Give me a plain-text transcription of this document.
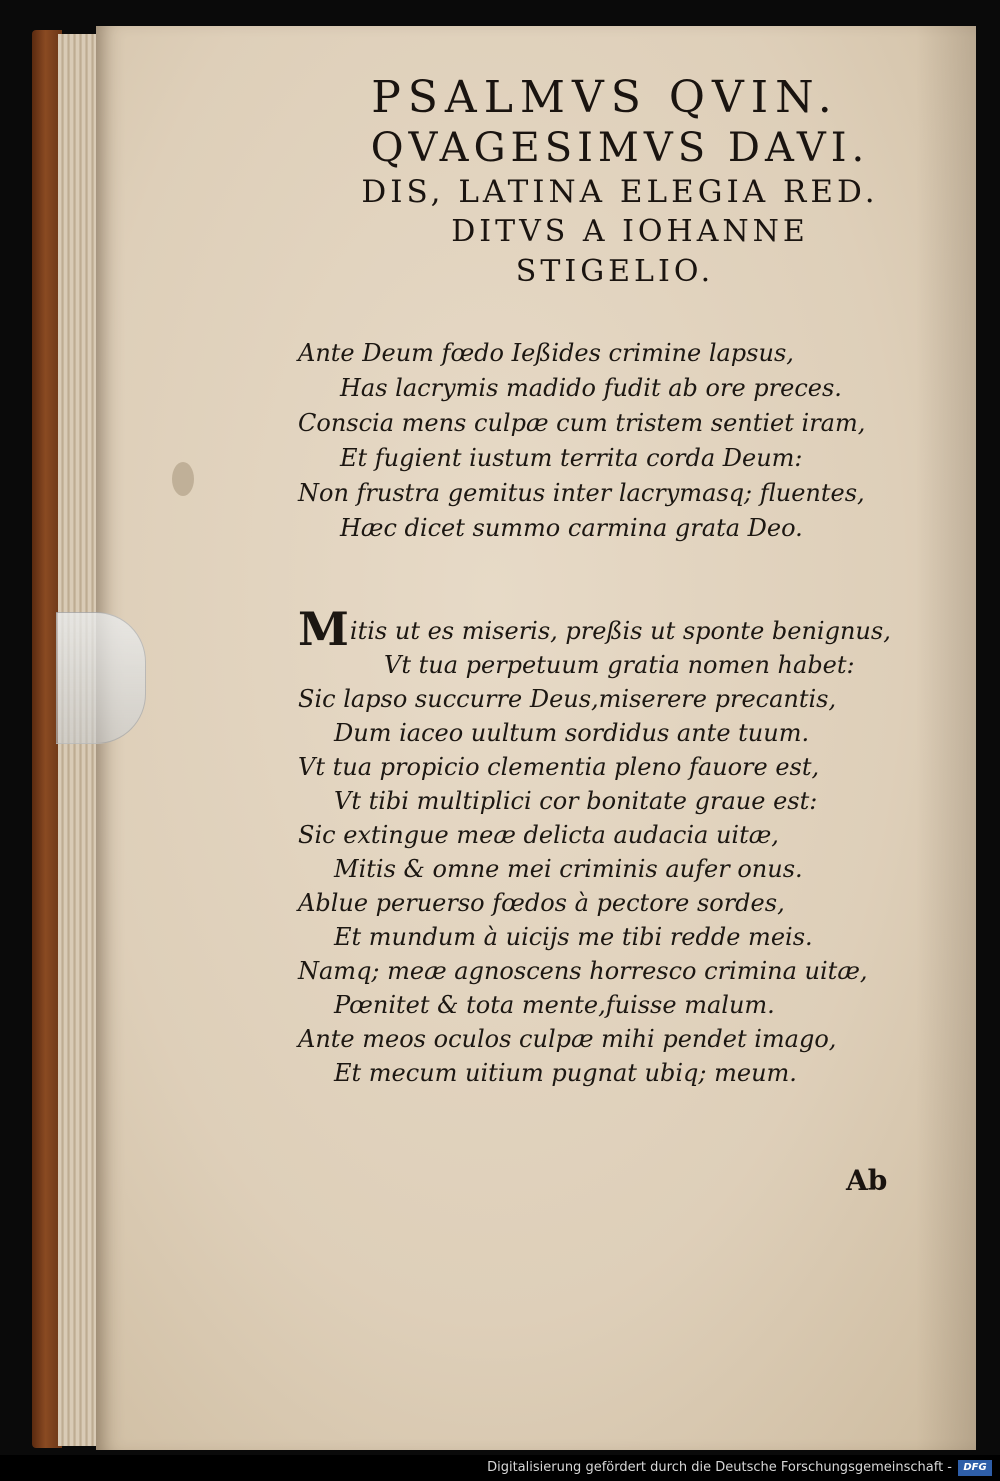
PSALMVS QVIN.
QVAGESIMVS DAVI.
DIS, LATINA ELEGIA RED.
DITVS A IOHANNE
STIGELIO.
Ante Deum fœdo Ießides crimine lapsus,
Has lacrymis madido fudit ab ore preces.
Conscia mens culpæ cum tristem sentiet iram,
Et fugient iustum territa corda Deum:
Non frustra gemitus inter lacrymasq; fluentes,
Hæc dicet summo carmina grata Deo.
Mitis ut es miseris, preßis ut sponte benignus,
Vt tua perpetuum gratia nomen habet:
Sic lapso succurre Deus,miserere precantis,
Dum iaceo uultum sordidus ante tuum.
Vt tua propicio clementia pleno fauore est,
Vt tibi multiplici cor bonitate graue est:
Sic extingue meæ delicta audacia uitæ,
Mitis & omne mei criminis aufer onus.
Ablue peruerso fœdos à pectore sordes,
Et mundum à uicijs me tibi redde meis.
Namq; meæ agnoscens horresco crimina uitæ,
Pœnitet & tota mente,fuisse malum.
Ante meos oculos culpæ mihi pendet imago,
Et mecum uitium pugnat ubiq; meum.
Ab
Digitalisierung gefördert durch die Deutsche Forschungsgemeinschaft -	DFG
